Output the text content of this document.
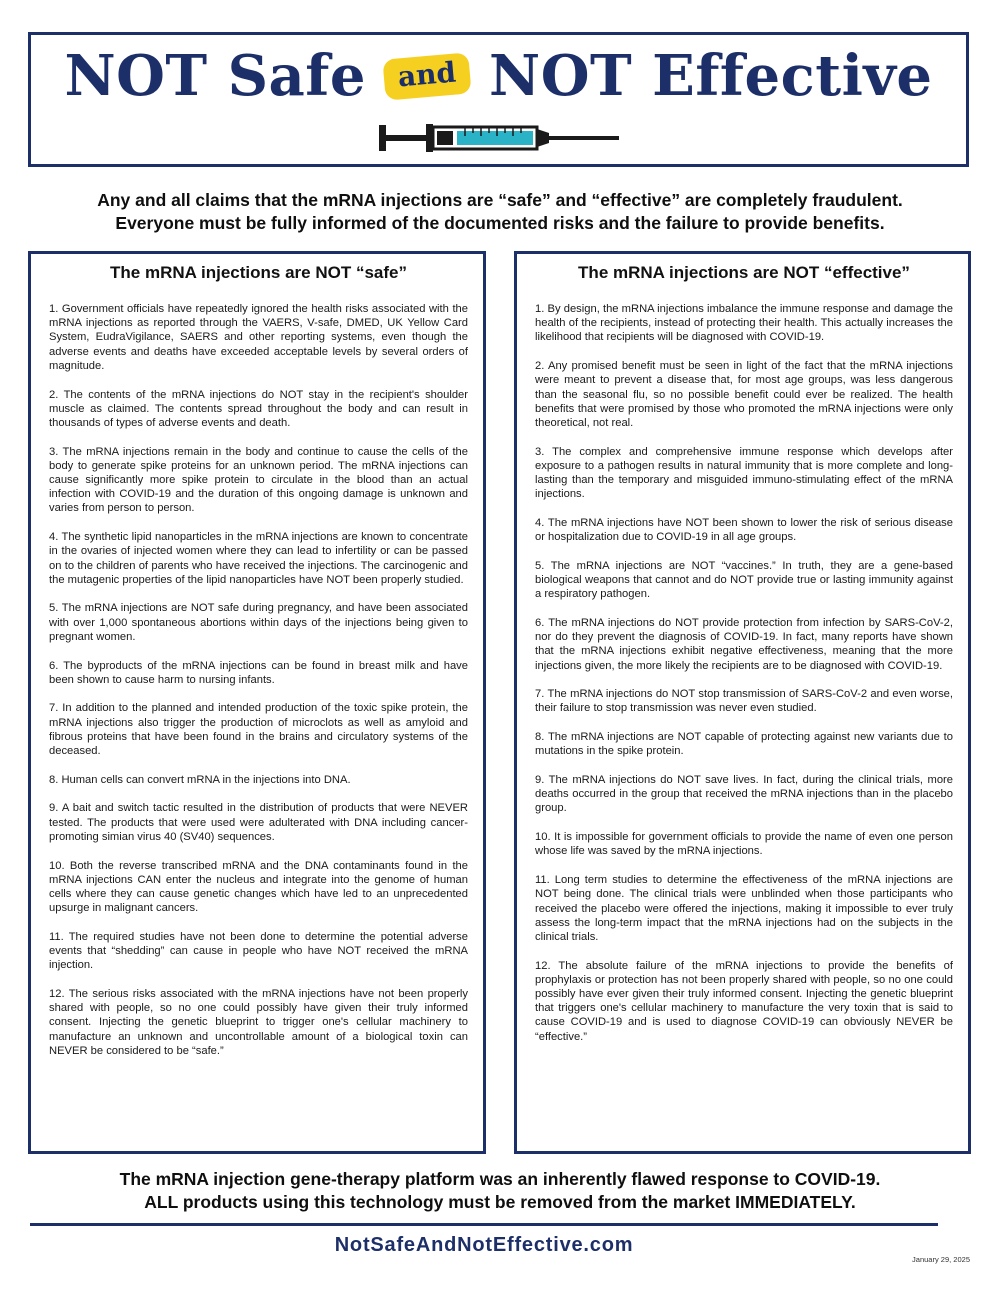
NOT Safe and NOT Effective

Any and all claims that the mRNA injections are “safe” and “effective” are completely fraudulent.

Everyone must be fully informed of the documented risks and the failure to provide benefits.

The mRNA injections are NOT “safe”
1. Government officials have repeatedly ignored the health risks associated with the mRNA injections as reported through the VAERS, V-safe, DMED, UK Yellow Card System, EudraVigilance, SAERS and other reporting systems, even though the adverse events and deaths have exceeded acceptable levels by several orders of magnitude.
2. The contents of the mRNA injections do NOT stay in the recipient's shoulder muscle as claimed. The contents spread throughout the body and can result in thousands of types of adverse events and death.
3. The mRNA injections remain in the body and continue to cause the cells of the body to generate spike proteins for an unknown period. The mRNA injections can cause significantly more spike protein to circulate in the blood than an actual infection with COVID-19 and the duration of this ongoing damage is unknown and varies from person to person.
4. The synthetic lipid nanoparticles in the mRNA injections are known to concentrate in the ovaries of injected women where they can lead to infertility or can be passed on to the children of parents who have received the injections. The carcinogenic and the mutagenic properties of the lipid nanoparticles have NOT been properly studied.
5. The mRNA injections are NOT safe during pregnancy, and have been associated with over 1,000 spontaneous abortions within days of the injections being given to pregnant women.
6. The byproducts of the mRNA injections can be found in breast milk and have been shown to cause harm to nursing infants.
7. In addition to the planned and intended production of the toxic spike protein, the mRNA injections also trigger the production of microclots as well as amyloid and fibrous proteins that have been found in the brains and circulatory systems of the deceased.
8. Human cells can convert mRNA in the injections into DNA.
9. A bait and switch tactic resulted in the distribution of products that were NEVER tested. The products that were used were adulterated with DNA including cancer-promoting simian virus 40 (SV40) sequences.
10. Both the reverse transcribed mRNA and the DNA contaminants found in the mRNA injections CAN enter the nucleus and integrate into the genome of human cells where they can cause genetic changes which have led to an unprecedented upsurge in malignant cancers.
11. The required studies have not been done to determine the potential adverse events that “shedding” can cause in people who have NOT received the mRNA injection.
12. The serious risks associated with the mRNA injections have not been properly shared with people, so no one could possibly have given their truly informed consent. Injecting the genetic blueprint to trigger one's cellular machinery to manufacture an unknown and uncontrollable amount of a biological toxin can NEVER be considered to be “safe.”
The mRNA injections are NOT “effective”
1. By design, the mRNA injections imbalance the immune response and damage the health of the recipients, instead of protecting their health. This actually increases the likelihood that recipients will be diagnosed with COVID-19.
2. Any promised benefit must be seen in light of the fact that the mRNA injections were meant to prevent a disease that, for most age groups, was less dangerous than the seasonal flu, so no possible benefit could ever be realized. The health benefits that were promised by those who promoted the mRNA injections were only theoretical, not real.
3. The complex and comprehensive immune response which develops after exposure to a pathogen results in natural immunity that is more complete and long-lasting than the temporary and misguided immuno-stimulating effect of the mRNA injections.
4. The mRNA injections have NOT been shown to lower the risk of serious disease or hospitalization due to COVID-19 in all age groups.
5. The mRNA injections are NOT “vaccines.” In truth, they are a gene-based biological weapons that cannot and do NOT provide true or lasting immunity against a respiratory pathogen.
6. The mRNA injections do NOT provide protection from infection by SARS-CoV-2, nor do they prevent the diagnosis of COVID-19. In fact, many reports have shown that the mRNA injections exhibit negative effectiveness, meaning that the more injections given, the more likely the recipients are to be diagnosed with COVID-19.
7. The mRNA injections do NOT stop transmission of SARS-CoV-2 and even worse, their failure to stop transmission was never even studied.
8. The mRNA injections are NOT capable of protecting against new variants due to mutations in the spike protein.
9. The mRNA injections do NOT save lives. In fact, during the clinical trials, more deaths occurred in the group that received the mRNA injections than in the placebo group.
10. It is impossible for government officials to provide the name of even one person whose life was saved by the mRNA injections.
11. Long term studies to determine the effectiveness of the mRNA injections are NOT being done. The clinical trials were unblinded when those participants who received the placebo were offered the injections, making it impossible to ever truly assess the long-term impact that the mRNA injections had on the subjects in the clinical trials.
12. The absolute failure of the mRNA injections to provide the benefits of prophylaxis or protection has not been properly shared with people, so no one could possibly have ever given their truly informed consent. Injecting the genetic blueprint that triggers one's cellular machinery to manufacture the very toxin that is said to cause COVID-19 and is used to diagnose COVID-19 can obviously NEVER be “effective.”

The mRNA injection gene-therapy platform was an inherently flawed response to COVID-19.

ALL products using this technology must be removed from the market IMMEDIATELY.

NotSafeAndNotEffective.com
January 29, 2025
